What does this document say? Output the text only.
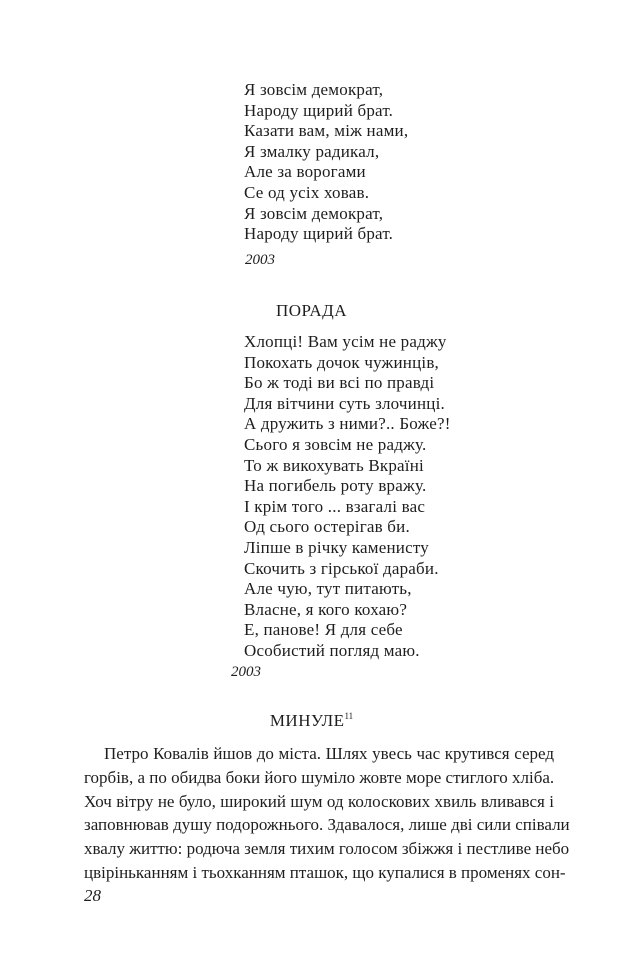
Я зовсім демократ,
Народу щирий брат.
Казати вам, між нами,
Я змалку радикал,
Але за ворогами
Се од усіх ховав.
Я зовсім демократ,
Народу щирий брат.
2003
ПОРАДА
Хлопці! Вам усім не раджу
Покохать дочок чужинців,
Бо ж тоді ви всі по правді
Для вітчини суть злочинці.
А дружить з ними?.. Боже?!
Сього я зовсім не раджу.
То ж викохувать Вкраїні
На погибель роту вражу.
І крім того ... взагалі вас
Од сього остерігав би.
Ліпше в річку каменисту
Скочить з гірської дараби.
Але чую, тут питають,
Власне, я кого кохаю?
Е, панове! Я для себе
Особистий погляд маю.
2003
МИНУЛЕ$^{11}$
Петро Ковалів йшов до міста. Шлях увесь час крутився серед
горбів, а по обидва боки його шуміло жовте море стиглого хліба.
Хоч вітру не було, широкий шум од колоскових хвиль вливався і
заповнював душу подорожнього. Здавалося, лише дві сили співали
хвалу життю: родюча земля тихим голосом збіжжя і пестливе небо
цвіріньканням і тьохканням пташок, що купалися в променях сон-
28
